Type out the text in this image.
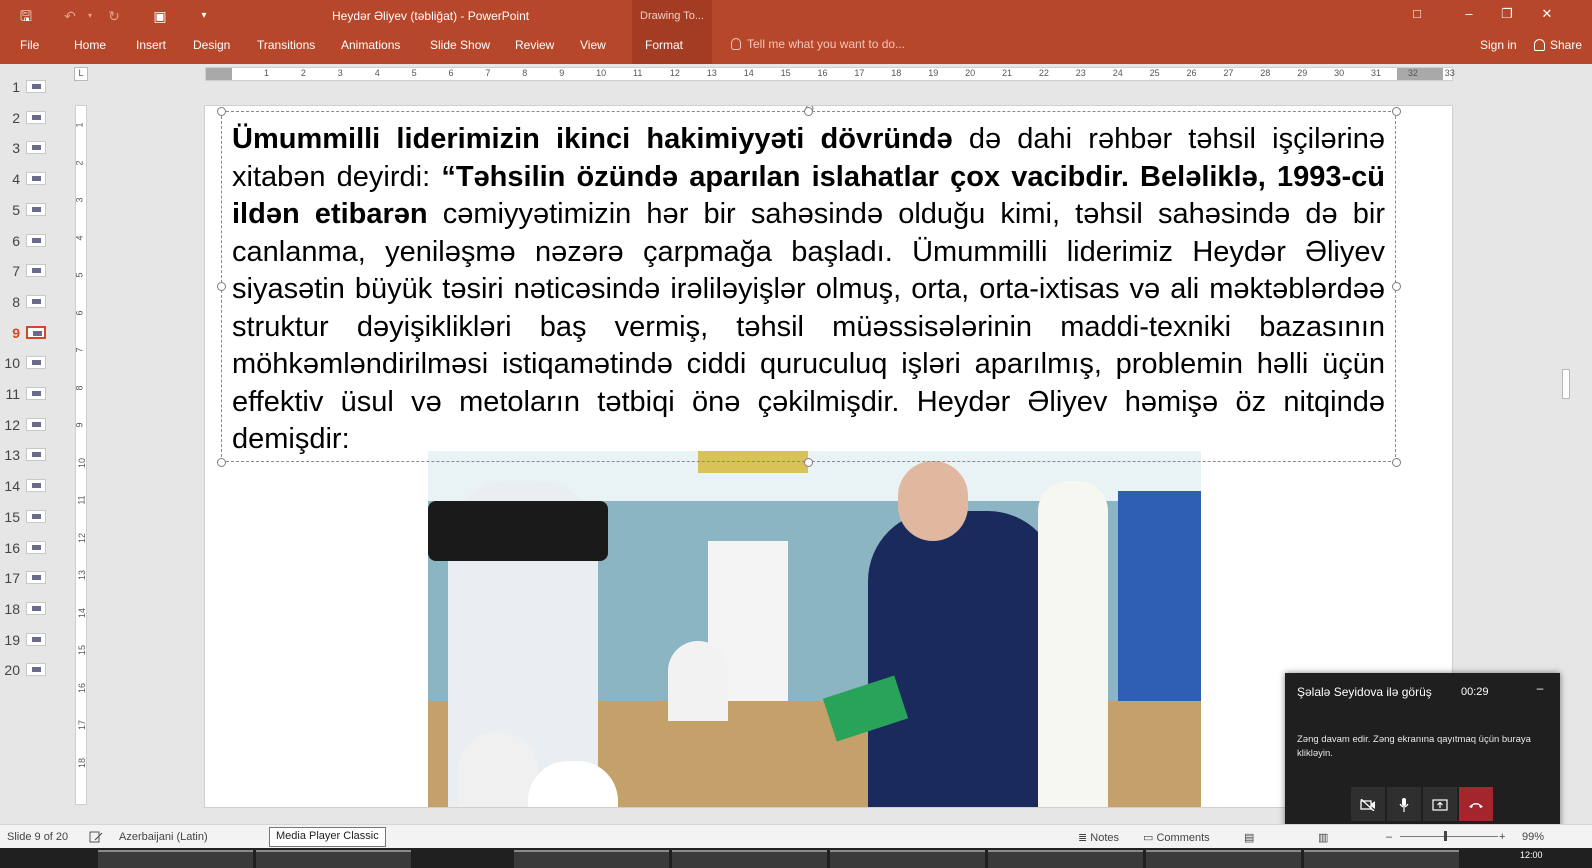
🖫 ↶	▾	↻ ▣	▾	Heydər Əliyev (təbliğat) - PowerPoint	□	–	❐	✕
Drawing To...
File	Home Insert Design Transitions Animations Slide Show Review View	Format	Tell me what you want to do...	Sign in	Share
1
2
3
4
5
6
7
8
9
10
11
12
13
14
15
16
17
18
19
20
L	1	2	3	4	5	6	7	8	9	10	11	12	13	14	15	16	17	18	19	20	21	22	23	24	25	26	27	28	29	30	31	32	33
1
2
3
4
5
6
7
8
9
10
11
12
13
14
15
16
17
18
Ümummilli liderimizin ikinci hakimiyyəti dövründə də dahi rəhbər təhsil işçilərinə xitabən deyirdi: “Təhsilin özündə aparılan islahatlar çox vacibdir. Beləliklə, 1993-cü ildən etibarən cəmiyyətimizin hər bir sahəsində olduğu kimi, təhsil sahəsində də bir canlanma, yeniləşmə nəzərə çarpmağa başladı. Ümummilli liderimiz Heydər Əliyev siyasətin büyük təsiri nəticəsində irəliləyişlər olmuş, orta, orta-ixtisas və ali məktəblərdəə struktur dəyişiklikləri baş vermiş, təhsil müəssisələrinin maddi-texniki bazasının möhkəmləndirilməsi istiqamətində ciddi quruculuq işləri aparılmış, problemin həlli üçün effektiv üsul və metoların tətbiqi önə çəkilmişdir. Heydər Əliyev həmişə öz nitqində demişdir:
Şəlalə Seyidova ilə görüş	00:29	–
Zəng davam edir. Zəng ekranına qayıtmaq üçün buraya klikləyin.
Slide 9 of 20	Azerbaijani (Latin)	≣ Notes ▭ Comments	▤	▥	–	+ 99%
Media Player Classic
12:00
